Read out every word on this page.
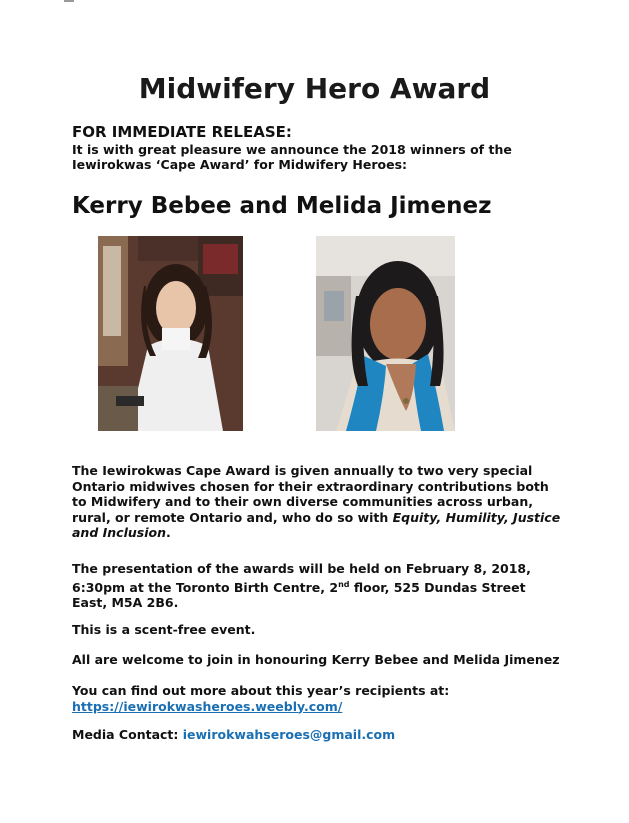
Midwifery Hero Award
FOR IMMEDIATE RELEASE:
It is with great pleasure we announce the 2018 winners of the Iewirokwas ‘Cape Award’ for Midwifery Heroes:
Kerry Bebee and Melida Jimenez
The Iewirokwas Cape Award is given annually to two very special Ontario midwives chosen for their extraordinary contributions both to Midwifery and to their own diverse communities across urban, rural, or remote Ontario and, who do so with Equity, Humility, Justice and Inclusion.
The presentation of the awards will be held on February 8, 2018, 6:30pm at the Toronto Birth Centre, 2nd floor, 525 Dundas Street East, M5A 2B6.
This is a scent-free event.
All are welcome to join in honouring Kerry Bebee and Melida Jimenez
You can find out more about this year’s recipients at:
https://iewirokwasheroes.weebly.com/
Media Contact: iewirokwahseroes@gmail.com
